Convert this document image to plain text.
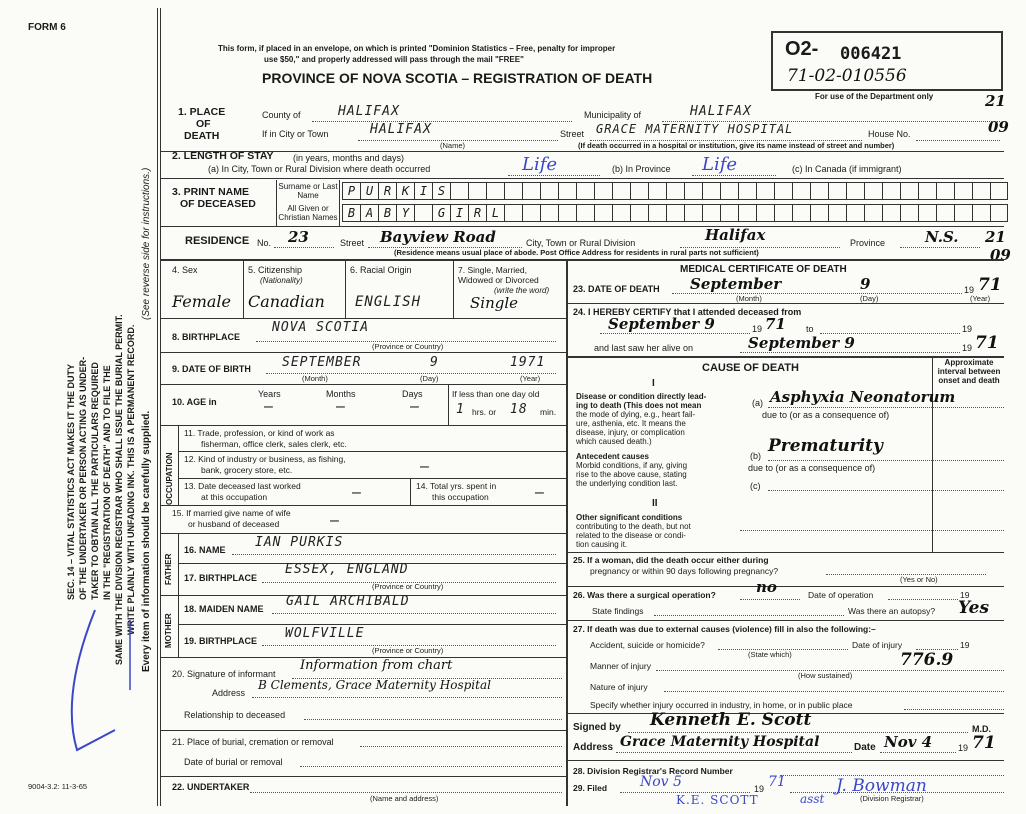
FORM 6
SEC. 14 – VITAL STATISTICS ACT MAKES IT THE DUTY OF THE UNDERTAKER OR PERSON ACTING AS UNDER- TAKER TO OBTAIN ALL THE PARTICULARS REQUIRED IN THE "REGISTRATION OF DEATH" AND TO FILE THE SAME WITH THE DIVISION REGISTRAR WHO SHALL ISSUE THE BURIAL PERMIT. WRITE PLAINLY WITH UNFADING INK. THIS IS A PERMANENT RECORD.
(See reverse side for instructions.)
Every item of information should be carefully supplied.
9004-3.2: 11-3-65
This form, if placed in an envelope, on which is printed "Dominion Statistics – Free, penalty for improper
use $50," and properly addressed will pass through the mail "FREE"
PROVINCE OF NOVA SCOTIA – REGISTRATION OF DEATH
O2- 006421
71-02-010556
For use of the Department only	21
09
21
09
1. PLACE
OF
DEATH
County of	HALIFAX	Municipality of	HALIFAX
If in City or Town	HALIFAX
(Name)
Street GRACE MATERNITY HOSPITAL	House No.
(If death occurred in a hospital or institution, give its name instead of street and number)
2. LENGTH OF STAY (in years, months and days)
(a) In City, Town or Rural Division where death occurred	Life	(b) In Province Life	(c) In Canada (if immigrant)
3. PRINT NAME
OF DECEASED
Surname or Last Name
All Given or Christian Names
P U R K I S
B A B Y	G I R L
RESIDENCE No. 23	Street Bayview Road	City, Town or Rural Division	Halifax	Province	N.S.
(Residence means usual place of abode. Post Office Address for residents in rural parts not sufficient)
4. Sex
Female
5. Citizenship
(Nationality)
Canadian
6. Racial Origin
ENGLISH
7. Single, Married, Widowed or Divorced
(write the word)
Single
8. BIRTHPLACE
NOVA SCOTIA
(Province or Country)
9. DATE OF BIRTH SEPTEMBER	9	1971
(Month)	(Day)	(Year)
10. AGE in
Years	Months	Days
–	–	–
If less than one day old
1 hrs. or 18 min.
OCCUPATION
11. Trade, profession, or kind of work as
fisherman, office clerk, sales clerk, etc.
12. Kind of industry or business, as fishing,
bank, grocery store, etc.	–
13. Date deceased last worked
at this occupation	–	14. Total yrs. spent in
this occupation	–
15. If married give name of wife
or husband of deceased	–
FATHER
16. NAME IAN PURKIS
17. BIRTHPLACE
ESSEX, ENGLAND
(Province or Country)
MOTHER
18. MAIDEN NAME GAIL ARCHIBALD
19. BIRTHPLACE WOLFVILLE
(Province or Country)
20. Signature of informant
Information from chart
Address
B Clements, Grace Maternity Hospital
Relationship to deceased
21. Place of burial, cremation or removal
Date of burial or removal
22. UNDERTAKER
(Name and address)
MEDICAL CERTIFICATE OF DEATH
23. DATE OF DEATH September	9	19 71
(Month)	(Day)	(Year)
24. I HEREBY CERTIFY that I attended deceased from
September 9	19 71 to	19
and last saw her alive on	September 9	19 71
CAUSE OF DEATH	Approximate interval between onset and death
I
Disease or condition directly lead-
ing to death (This does not mean
the mode of dying, e.g., heart fail-
ure, asthenia, etc. It means the
disease, injury, or complication
which caused death.)
(a) Asphyxia Neonatorum
due to (or as a consequence of)
Antecedent causes
Morbid conditions, if any, giving
rise to the above cause, stating
the underlying condition last.
(b) Prematurity
due to (or as a consequence of)
(c)
II
Other significant conditions
contributing to the death, but not
related to the disease or condi-
tion causing it.
25. If a woman, did the death occur either during
pregnancy or within 90 days following pregnancy?
(Yes or No)
26. Was there a surgical operation?	no	Date of operation	19
State findings	Was there an autopsy? Yes
27. If death was due to external causes (violence) fill in also the following:–
Accident, suicide or homicide?
(State which)
Date of injury	19
Manner of injury	776.9
(How sustained)
Nature of injury
Specify whether injury occurred in industry, in home, or in public place
Signed by Kenneth E. Scott	M.D.
Address Grace Maternity Hospital	Date Nov 4	19 71
28. Division Registrar's Record Number
29. Filed Nov 5	19 71
K.E. SCOTT	asst
J. Bowman
(Division Registrar)
